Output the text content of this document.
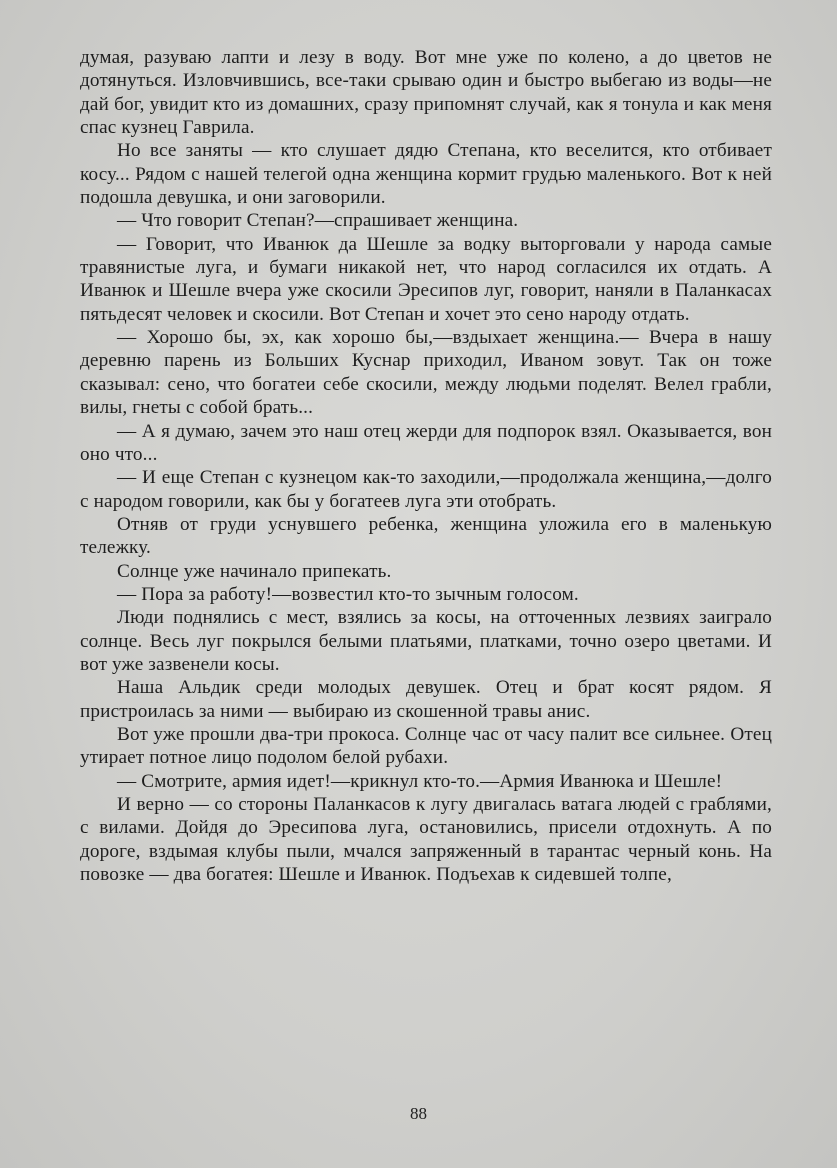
думая, разуваю лапти и лезу в воду. Вот мне уже по колено, а до цветов не дотянуться. Изловчившись, все-таки срываю один и быстро выбегаю из воды—не дай бог, увидит кто из домашних, сразу припомнят случай, как я тонула и как меня спас кузнец Гаврила.

Но все заняты — кто слушает дядю Степана, кто веселится, кто отбивает косу... Рядом с нашей телегой одна женщина кормит грудью маленького. Вот к ней подошла девушка, и они заговорили.

— Что говорит Степан?—спрашивает женщина.

— Говорит, что Иванюк да Шешле за водку выторговали у народа самые травянистые луга, и бумаги никакой нет, что народ согласился их отдать. А Иванюк и Шешле вчера уже скосили Эресипов луг, говорит, наняли в Паланкасах пятьдесят человек и скосили. Вот Степан и хочет это сено народу отдать.

— Хорошо бы, эх, как хорошо бы,—вздыхает женщина.— Вчера в нашу деревню парень из Больших Куснар приходил, Иваном зовут. Так он тоже сказывал: сено, что богатеи себе скосили, между людьми поделят. Велел грабли, вилы, гнеты с собой брать...

— А я думаю, зачем это наш отец жерди для подпорок взял. Оказывается, вон оно что...

— И еще Степан с кузнецом как-то заходили,—продолжала женщина,—долго с народом говорили, как бы у богатеев луга эти отобрать.

Отняв от груди уснувшего ребенка, женщина уложила его в маленькую тележку.

Солнце уже начинало припекать.

— Пора за работу!—возвестил кто-то зычным голосом.

Люди поднялись с мест, взялись за косы, на отточенных лезвиях заиграло солнце. Весь луг покрылся белыми платьями, платками, точно озеро цветами. И вот уже зазвенели косы.

Наша Альдик среди молодых девушек. Отец и брат косят рядом. Я пристроилась за ними — выбираю из скошенной травы анис.

Вот уже прошли два-три прокоса. Солнце час от часу палит все сильнее. Отец утирает потное лицо подолом белой рубахи.

— Смотрите, армия идет!—крикнул кто-то.—Армия Иванюка и Шешле!

И верно — со стороны Паланкасов к лугу двигалась ватага людей с граблями, с вилами. Дойдя до Эресипова луга, остановились, присели отдохнуть. А по дороге, вздымая клубы пыли, мчался запряженный в тарантас черный конь. На повозке — два богатея: Шешле и Иванюк. Подъехав к сидевшей толпе,

88
